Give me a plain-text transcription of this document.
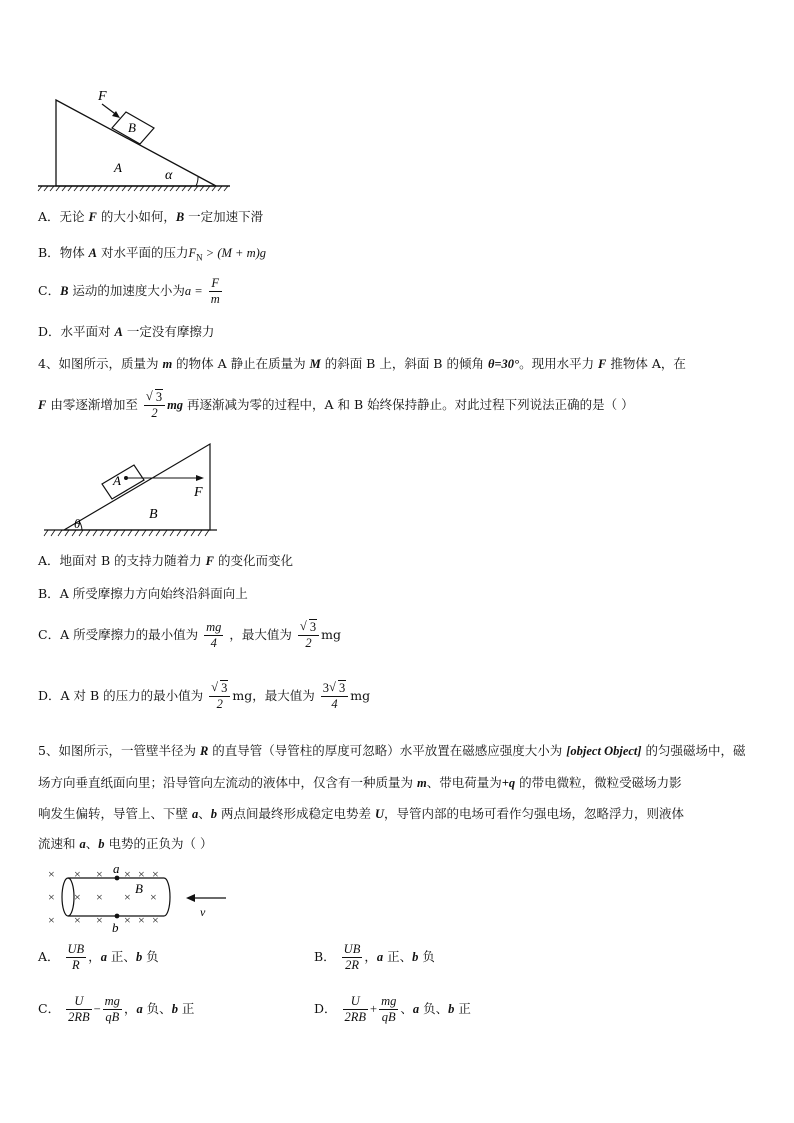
F
B
A
α
A．无论 F 的大小如何，B 一定加速下滑
B．物体 A 对水平面的压力$F_N > (M + m)g$
C．B 运动的加速度大小为$a = \frac{F}{m}$
D．水平面对 A 一定没有摩擦力
4、如图所示，质量为 m 的物体 A 静止在质量为 M 的斜面 B 上，斜面 B 的倾角 θ=30°。现用水平力 F 推物体 A，在
F 由零逐渐增加至 √ $\frac{3}{2}$ mg 再逐渐减为零的过程中，A 和 B 始终保持静止。对此过程下列说法正确的是（ ）
A
F
B
θ
A．地面对 B 的支持力随着力 F 的变化而变化
B．A 所受摩擦力方向始终沿斜面向上
C．A 所受摩擦力的最小值为 $\frac{mg}{4}$ ，最大值为 √ $\frac{3}{2}$ mg
D．A 对 B 的压力的最小值为 √ $\frac{3}{2}$ mg，最大值为 $\frac{3 √ 3}{4}$ mg
5、如图所示，一管壁半径为 R 的直导管（导管柱的厚度可忽略）水平放置在磁感应强度大小为 [object Object] 的匀强磁场中，磁
场方向垂直纸面向里；沿导管向左流动的液体中，仅含有一种质量为 m、带电荷量为+q 的带电微粒，微粒受磁场力影
响发生偏转，导管上、下壁 a、b 两点间最终形成稳定电势差 U，导管内部的电场可看作匀强电场，忽略浮力，则液体
流速和 a、b 电势的正负为（ ）
× × × × × ×
× × × × ×
× × × × × ×
a
b
B
v
A． $\frac{UB}{R}$ ，a 正、b 负	B． $\frac{UB}{2R}$ ，a 正、b 负
C． $\frac{U}{2RB} - \frac{mg}{qB}$ ，a 负、b 正	D． $\frac{U}{2RB} + \frac{mg}{qB}$ 、a 负、b 正
